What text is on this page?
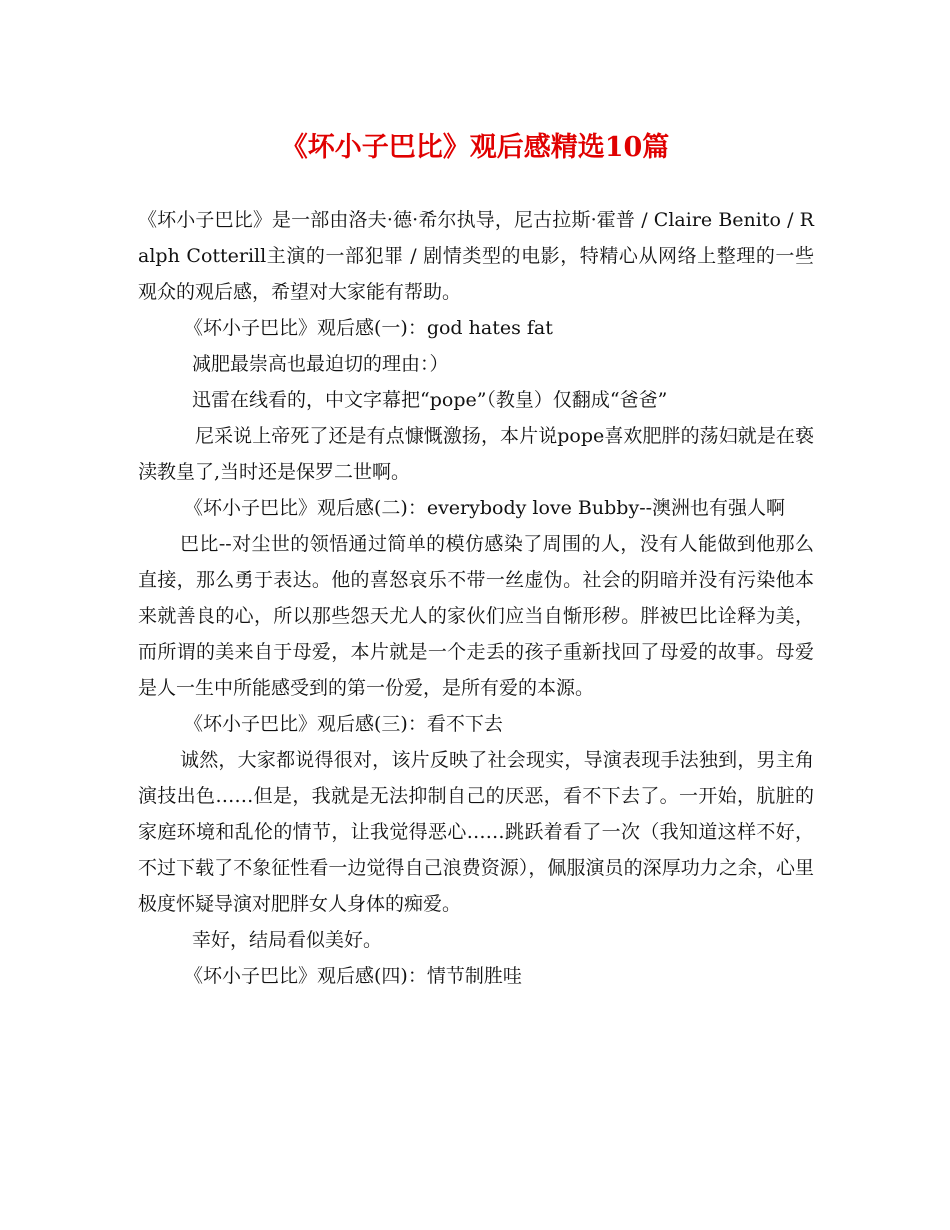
《坏小子巴比》观后感精选10篇

《坏小子巴比》是一部由洛夫·德·希尔执导，尼古拉斯·霍普 / Claire Benito / Ralph Cotterill主演的一部犯罪 / 剧情类型的电影，特精心从网络上整理的一些观众的观后感，希望对大家能有帮助。

《坏小子巴比》观后感(一)：god hates fat

减肥最崇高也最迫切的理由：）

迅雷在线看的，中文字幕把“pope”（教皇）仅翻成“爸爸”

尼采说上帝死了还是有点慷慨激扬，本片说pope喜欢肥胖的荡妇就是在亵渎教皇了,当时还是保罗二世啊。

《坏小子巴比》观后感(二)：everybody love Bubby--澳洲也有强人啊

巴比--对尘世的领悟通过简单的模仿感染了周围的人，没有人能做到他那么直接，那么勇于表达。他的喜怒哀乐不带一丝虚伪。社会的阴暗并没有污染他本来就善良的心，所以那些怨天尤人的家伙们应当自惭形秽。胖被巴比诠释为美，而所谓的美来自于母爱，本片就是一个走丢的孩子重新找回了母爱的故事。母爱是人一生中所能感受到的第一份爱，是所有爱的本源。

《坏小子巴比》观后感(三)：看不下去

诚然，大家都说得很对，该片反映了社会现实，导演表现手法独到，男主角演技出色……但是，我就是无法抑制自己的厌恶，看不下去了。一开始，肮脏的家庭环境和乱伦的情节，让我觉得恶心……跳跃着看了一次（我知道这样不好，不过下载了不象征性看一边觉得自己浪费资源），佩服演员的深厚功力之余，心里极度怀疑导演对肥胖女人身体的痴爱。

幸好，结局看似美好。

《坏小子巴比》观后感(四)：情节制胜哇
